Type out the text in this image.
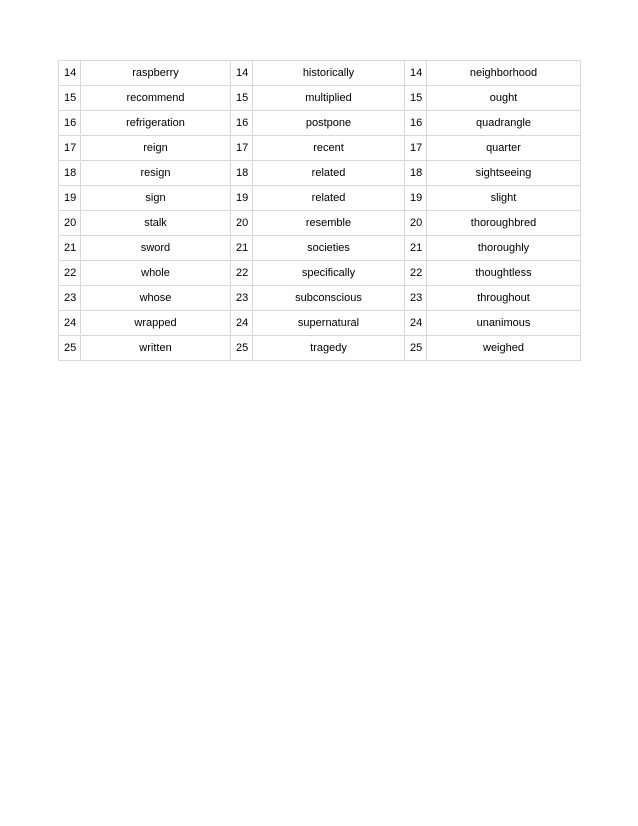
14	raspberry	14	historically	14	neighborhood
15	recommend	15	multiplied	15	ought
16	refrigeration	16	postpone	16	quadrangle
17	reign	17	recent	17	quarter
18	resign	18	related	18	sightseeing
19	sign	19	related	19	slight
20	stalk	20	resemble	20	thoroughbred
21	sword	21	societies	21	thoroughly
22	whole	22	specifically	22	thoughtless
23	whose	23	subconscious	23	throughout
24	wrapped	24	supernatural	24	unanimous
25	written	25	tragedy	25	weighed
